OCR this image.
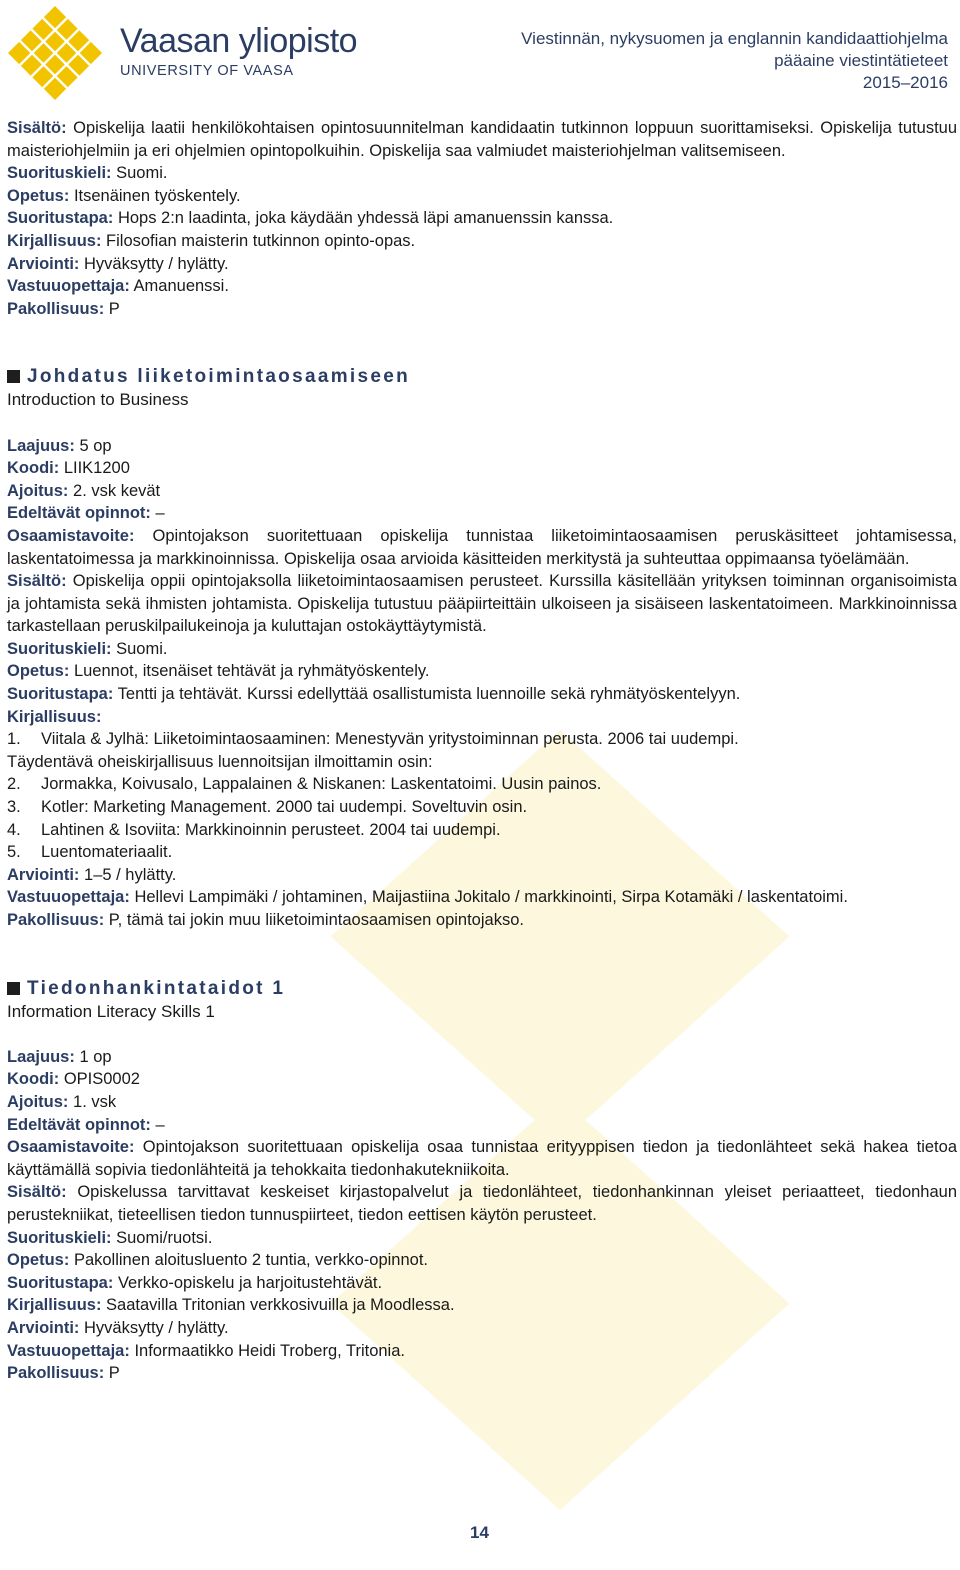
Vaasan yliopisto
UNIVERSITY OF VAASA
Viestinnän, nykysuomen ja englannin kandidaattiohjelma
pääaine viestintätieteet
2015–2016

Sisältö: Opiskelija laatii henkilökohtaisen opintosuunnitelman kandidaatin tutkinnon loppuun suorittamiseksi. Opiskelija tutustuu maisteriohjelmiin ja eri ohjelmien opintopolkuihin. Opiskelija saa valmiudet maisteriohjelman valitsemiseen.

Suorituskieli: Suomi.

Opetus: Itsenäinen työskentely.

Suoritustapa: Hops 2:n laadinta, joka käydään yhdessä läpi amanuenssin kanssa.

Kirjallisuus: Filosofian maisterin tutkinnon opinto-opas.

Arviointi: Hyväksytty / hylätty.

Vastuuopettaja: Amanuenssi.

Pakollisuus: P

Johdatus liiketoimintaosaamiseen

Introduction to Business

Laajuus: 5 op

Koodi: LIIK1200

Ajoitus: 2. vsk kevät

Edeltävät opinnot: –

Osaamistavoite: Opintojakson suoritettuaan opiskelija tunnistaa liiketoimintaosaamisen peruskäsitteet johtamisessa, laskentatoimessa ja markkinoinnissa. Opiskelija osaa arvioida käsitteiden merkitystä ja suhteuttaa oppimaansa työelämään.

Sisältö: Opiskelija oppii opintojaksolla liiketoimintaosaamisen perusteet. Kurssilla käsitellään yrityksen toiminnan organisoimista ja johtamista sekä ihmisten johtamista. Opiskelija tutustuu pääpiirteittäin ulkoiseen ja sisäiseen laskentatoimeen. Markkinoinnissa tarkastellaan peruskilpailukeinoja ja kuluttajan ostokäyttäytymistä.

Suorituskieli: Suomi.

Opetus: Luennot, itsenäiset tehtävät ja ryhmätyöskentely.

Suoritustapa: Tentti ja tehtävät. Kurssi edellyttää osallistumista luennoille sekä ryhmätyöskentelyyn.

Kirjallisuus:

1. Viitala & Jylhä: Liiketoimintaosaaminen: Menestyvän yritystoiminnan perusta. 2006 tai uudempi.

Täydentävä oheiskirjallisuus luennoitsijan ilmoittamin osin:

2. Jormakka, Koivusalo, Lappalainen & Niskanen: Laskentatoimi. Uusin painos.

3. Kotler: Marketing Management. 2000 tai uudempi. Soveltuvin osin.

4. Lahtinen & Isoviita: Markkinoinnin perusteet. 2004 tai uudempi.

5. Luentomateriaalit.

Arviointi: 1–5 / hylätty.

Vastuuopettaja: Hellevi Lampimäki / johtaminen, Maijastiina Jokitalo / markkinointi, Sirpa Kotamäki / laskentatoimi.

Pakollisuus: P, tämä tai jokin muu liiketoimintaosaamisen opintojakso.

Tiedonhankintataidot 1

Information Literacy Skills 1

Laajuus: 1 op

Koodi: OPIS0002

Ajoitus: 1. vsk

Edeltävät opinnot: –

Osaamistavoite: Opintojakson suoritettuaan opiskelija osaa tunnistaa erityyppisen tiedon ja tiedonlähteet sekä hakea tietoa käyttämällä sopivia tiedonlähteitä ja tehokkaita tiedonhakutekniikoita.

Sisältö: Opiskelussa tarvittavat keskeiset kirjastopalvelut ja tiedonlähteet, tiedonhankinnan yleiset periaatteet, tiedonhaun perustekniikat, tieteellisen tiedon tunnuspiirteet, tiedon eettisen käytön perusteet.

Suorituskieli: Suomi/ruotsi.

Opetus: Pakollinen aloitusluento 2 tuntia, verkko-opinnot.

Suoritustapa: Verkko-opiskelu ja harjoitustehtävät.

Kirjallisuus: Saatavilla Tritonian verkkosivuilla ja Moodlessa.

Arviointi: Hyväksytty / hylätty.

Vastuuopettaja: Informaatikko Heidi Troberg, Tritonia.

Pakollisuus: P

14
